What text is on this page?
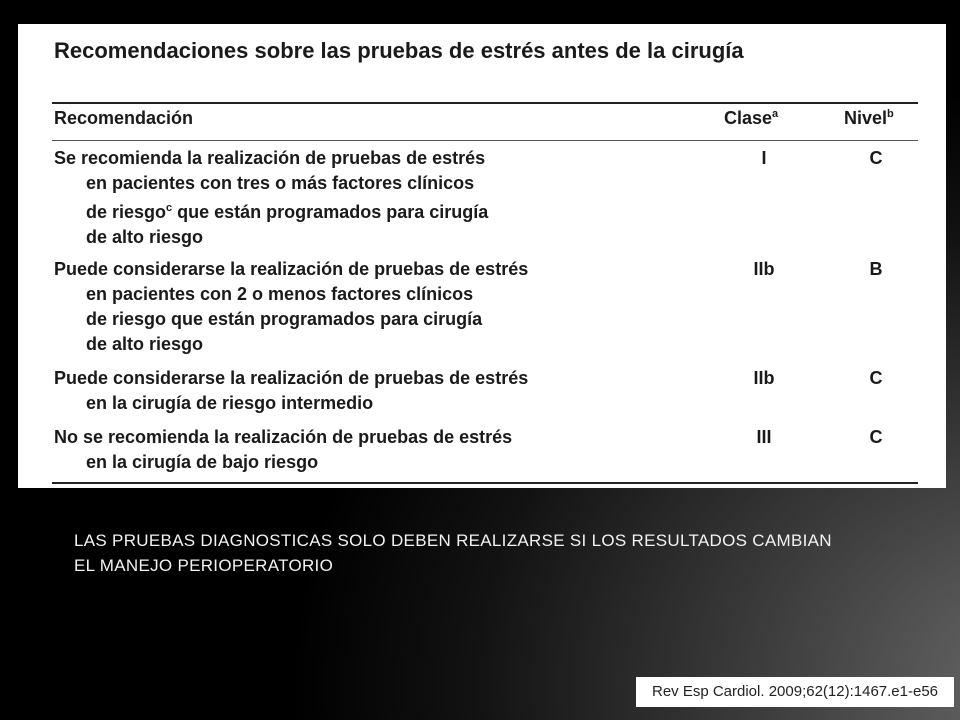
Recomendaciones sobre las pruebas de estrés antes de la cirugía
Recomendación	Clase$^a$	Nivel$^b$
Se recomienda la realización de pruebas de estrés
en pacientes con tres o más factores clínicos
de riesgo$^c$ que están programados para cirugía
de alto riesgo
I	C
Puede considerarse la realización de pruebas de estrés
en pacientes con 2 o menos factores clínicos
de riesgo que están programados para cirugía
de alto riesgo
IIb	B
Puede considerarse la realización de pruebas de estrés
en la cirugía de riesgo intermedio
IIb	C
No se recomienda la realización de pruebas de estrés
en la cirugía de bajo riesgo
III	C
LAS PRUEBAS DIAGNOSTICAS SOLO DEBEN REALIZARSE SI LOS RESULTADOS CAMBIAN EL MANEJO PERIOPERATORIO
Rev Esp Cardiol. 2009;62(12):1467.e1-e56
